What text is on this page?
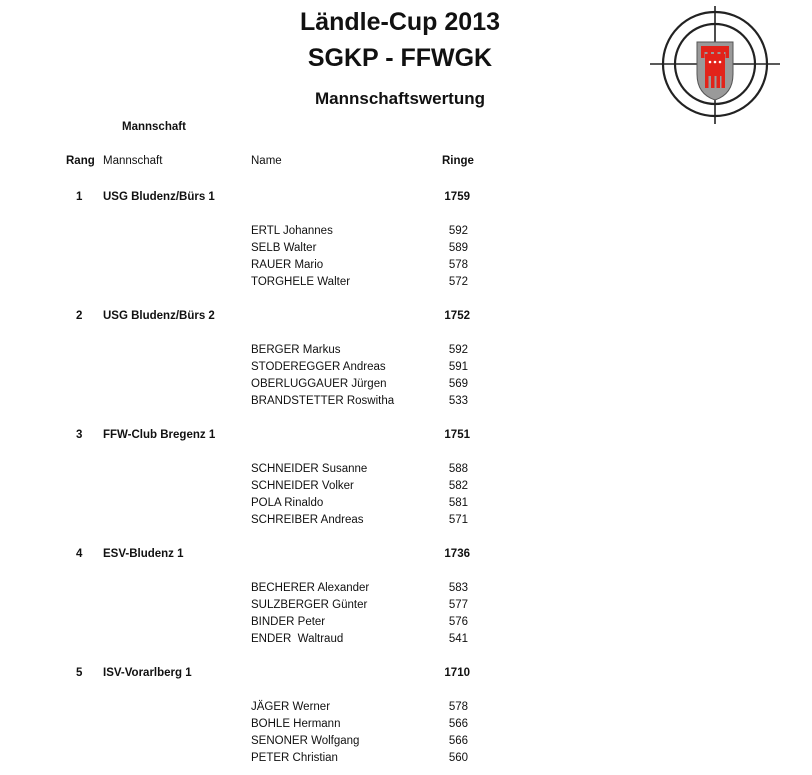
Ländle-Cup 2013
SGKP - FFWGK
Mannschaftswertung
Mannschaft
Rang Mannschaft	Name	Ringe
1	USG Bludenz/Bürs 1	1759
ERTL Johannes	592
SELB Walter	589
RAUER Mario	578
TORGHELE Walter	572
2	USG Bludenz/Bürs 2	1752
BERGER Markus	592
STODEREGGER Andreas	591
OBERLUGGAUER Jürgen	569
BRANDSTETTER Roswitha	533
3	FFW-Club Bregenz 1	1751
SCHNEIDER Susanne	588
SCHNEIDER Volker	582
POLA Rinaldo	581
SCHREIBER Andreas	571
4	ESV-Bludenz 1	1736
BECHERER Alexander	583
SULZBERGER Günter	577
BINDER Peter	576
ENDER  Waltraud	541
5	ISV-Vorarlberg 1	1710
JÄGER Werner	578
BOHLE Hermann	566
SENONER Wolfgang	566
PETER Christian	560
